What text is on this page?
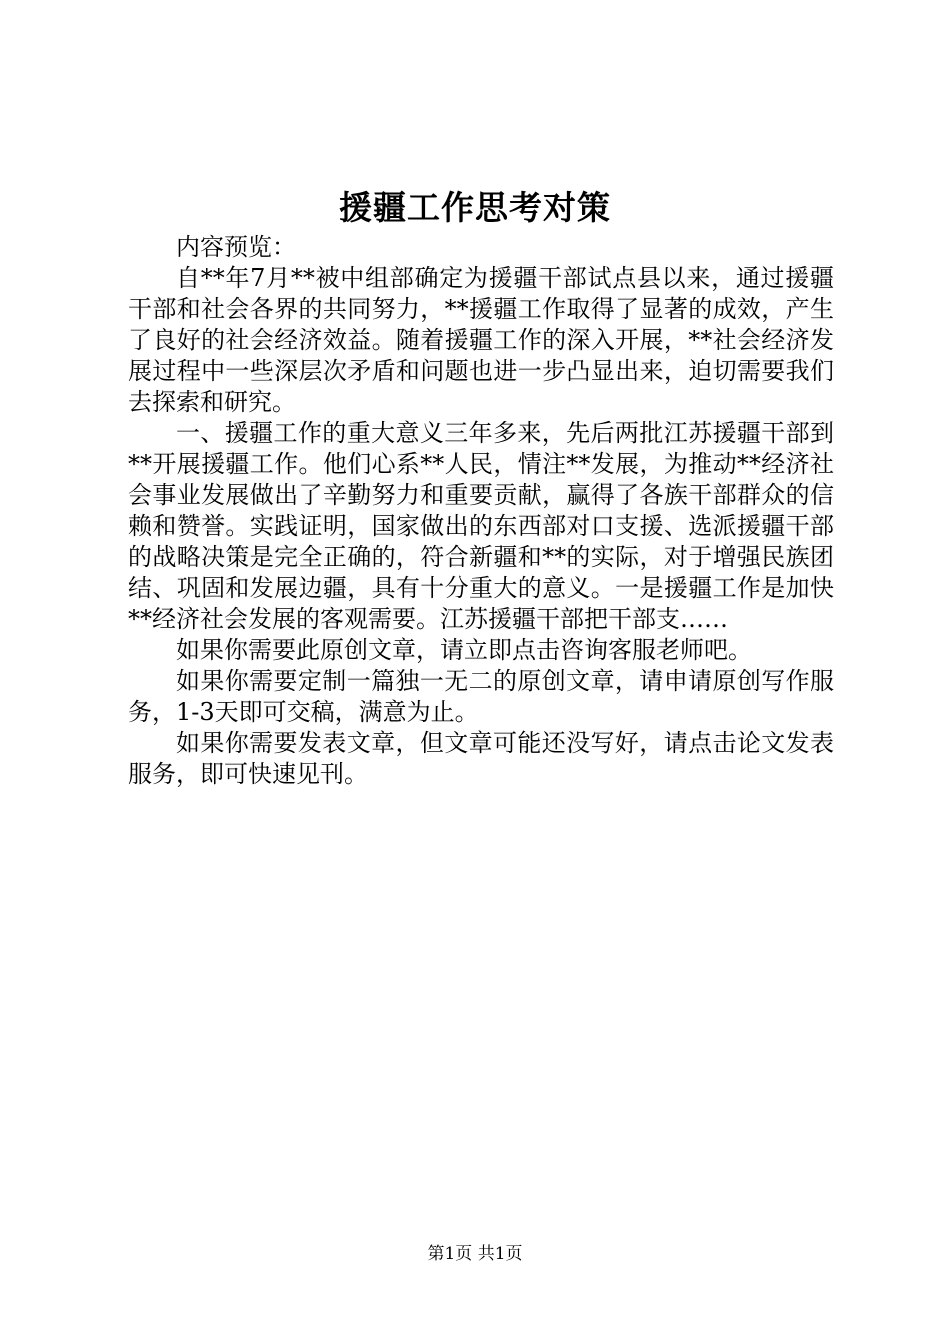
援疆工作思考对策

内容预览：

自**年7月**被中组部确定为援疆干部试点县以来，通过援疆干部和社会各界的共同努力，**援疆工作取得了显著的成效，产生了良好的社会经济效益。随着援疆工作的深入开展，**社会经济发展过程中一些深层次矛盾和问题也进一步凸显出来，迫切需要我们去探索和研究。

一、援疆工作的重大意义三年多来，先后两批江苏援疆干部到**开展援疆工作。他们心系**人民，情注**发展，为推动**经济社会事业发展做出了辛勤努力和重要贡献，赢得了各族干部群众的信赖和赞誉。实践证明，国家做出的东西部对口支援、选派援疆干部的战略决策是完全正确的，符合新疆和**的实际，对于增强民族团结、巩固和发展边疆，具有十分重大的意义。一是援疆工作是加快**经济社会发展的客观需要。江苏援疆干部把干部支……

如果你需要此原创文章，请立即点击咨询客服老师吧。

如果你需要定制一篇独一无二的原创文章，请申请原创写作服务，1-3天即可交稿，满意为止。

如果你需要发表文章，但文章可能还没写好，请点击论文发表服务，即可快速见刊。

第1页 共1页
